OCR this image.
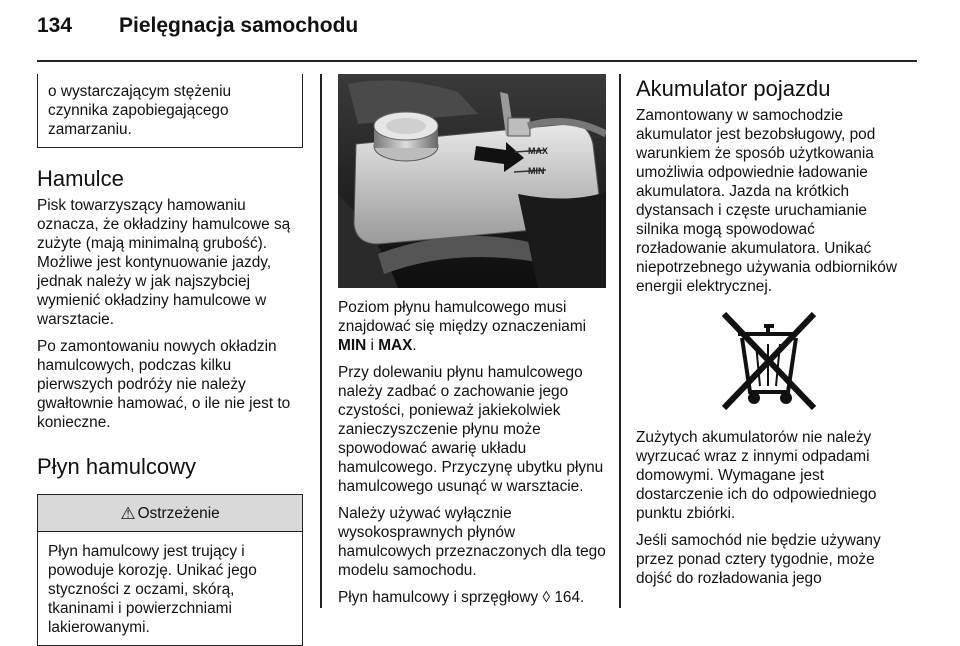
134 Pielęgnacja samochodu
o wystarczającym stężeniu czynnika zapobiegającego zamarzaniu.
Hamulce

Pisk towarzyszący hamowaniu oznacza, że okładziny hamulcowe są zużyte (mają minimalną grubość). Możliwe jest kontynuowanie jazdy, jednak należy w jak najszybciej wymienić okładziny hamulcowe w warsztacie.

Po zamontowaniu nowych okładzin hamulcowych, podczas kilku pierwszych podróży nie należy gwałtownie hamować, o ile nie jest to konieczne.

Płyn hamulcowy
⚠ Ostrzeżenie
Płyn hamulcowy jest trujący i powoduje korozję. Unikać jego styczności z oczami, skórą, tkaninami i powierzchniami lakierowanymi.
MAX
MIN

Poziom płynu hamulcowego musi znajdować się między oznaczeniami MIN i MAX.

Przy dolewaniu płynu hamulcowego należy zadbać o zachowanie jego czystości, ponieważ jakiekolwiek zanieczyszczenie płynu może spowodować awarię układu hamulcowego. Przyczynę ubytku płynu hamulcowego usunąć w warsztacie.

Należy używać wyłącznie wysokosprawnych płynów hamulcowych przeznaczonych dla tego modelu samochodu.

Płyn hamulcowy i sprzęgłowy ◊ 164.

Akumulator pojazdu

Zamontowany w samochodzie akumulator jest bezobsługowy, pod warunkiem że sposób użytkowania umożliwia odpowiednie ładowanie akumulatora. Jazda na krótkich dystansach i częste uruchamianie silnika mogą spowodować rozładowanie akumulatora. Unikać niepotrzebnego używania odbiorników energii elektrycznej.

Zużytych akumulatorów nie należy wyrzucać wraz z innymi odpadami domowymi. Wymagane jest dostarczenie ich do odpowiedniego punktu zbiórki.

Jeśli samochód nie będzie używany przez ponad cztery tygodnie, może dojść do rozładowania jego
